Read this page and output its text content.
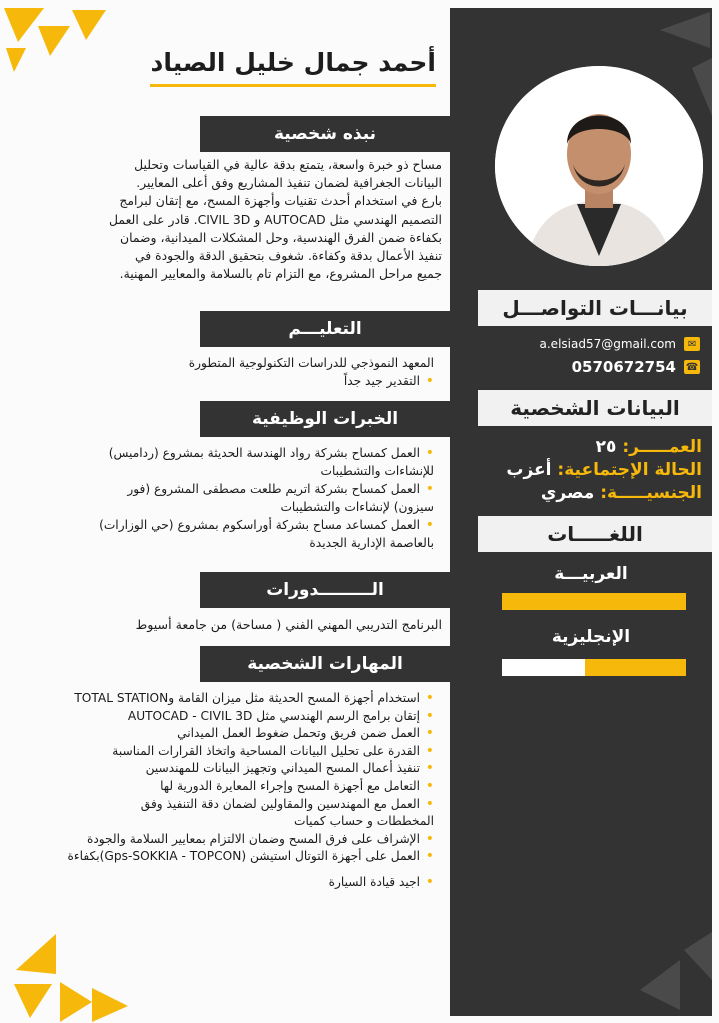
بيانـــات التواصـــل
✉
a.elsiad57@gmail.com
☎
0570672754
البيانات الشخصية
العمـــــر: ٢٥
الحالة الإجتماعية: أعزب
الجنسيـــــة: مصري
اللغـــــات
العربيـــة
الإنجليزية
أحمد جمال خليل الصياد
نبذه شخصية
مساح ذو خبرة واسعة، يتمتع بدقة عالية في القياسات وتحليل
البيانات الجغرافية لضمان تنفيذ المشاريع وفق أعلى المعايير.
بارع في استخدام أحدث تقنيات وأجهزة المسح، مع إتقان لبرامج
التصميم الهندسي مثل AUTOCAD و CIVIL 3D. قادر على العمل
بكفاءة ضمن الفرق الهندسية، وحل المشكلات الميدانية، وضمان
تنفيذ الأعمال بدقة وكفاءة. شغوف بتحقيق الدقة والجودة في
جميع مراحل المشروع، مع التزام تام بالسلامة والمعايير المهنية.
التعليـــم
المعهد النموذجي للدراسات التكنولوجية المتطورة
• التقدير جيد جداً
الخبرات الوظيفية
• العمل كمساح بشركة رواد الهندسة الحديثة بمشروع (رداميس)
للإنشاءات والتشطيبات
• العمل كمساح بشركة اتريم طلعت مصطفى المشروع (فور
سيزون) لإنشاءات والتشطيبات
• العمل كمساعد مساح بشركة أوراسكوم بمشروع (حي الوزارات)
بالعاصمة الإدارية الجديدة
الـــــــــدورات
البرنامج التدريبي المهني الفني ( مساحة) من جامعة أسيوط
المهارات الشخصية
• استخدام أجهزة المسح الحديثة مثل ميزان القامة وTOTAL STATION
• إتقان برامج الرسم الهندسي مثل AUTOCAD - CIVIL 3D
• العمل ضمن فريق وتحمل ضغوط العمل الميداني
• القدرة على تحليل البيانات المساحية واتخاذ القرارات المناسبة
• تنفيذ أعمال المسح الميداني وتجهيز البيانات للمهندسين
• التعامل مع أجهزة المسح وإجراء المعايرة الدورية لها
• العمل مع المهندسين والمقاولين لضمان دقة التنفيذ وفق
المخططات و حساب كميات
• الإشراف على فرق المسح وضمان الالتزام بمعايير السلامة والجودة
• العمل على أجهزة التوتال استيشن (Gps-SOKKIA - TOPCON)بكفاءة
• اجيد قيادة السيارة
